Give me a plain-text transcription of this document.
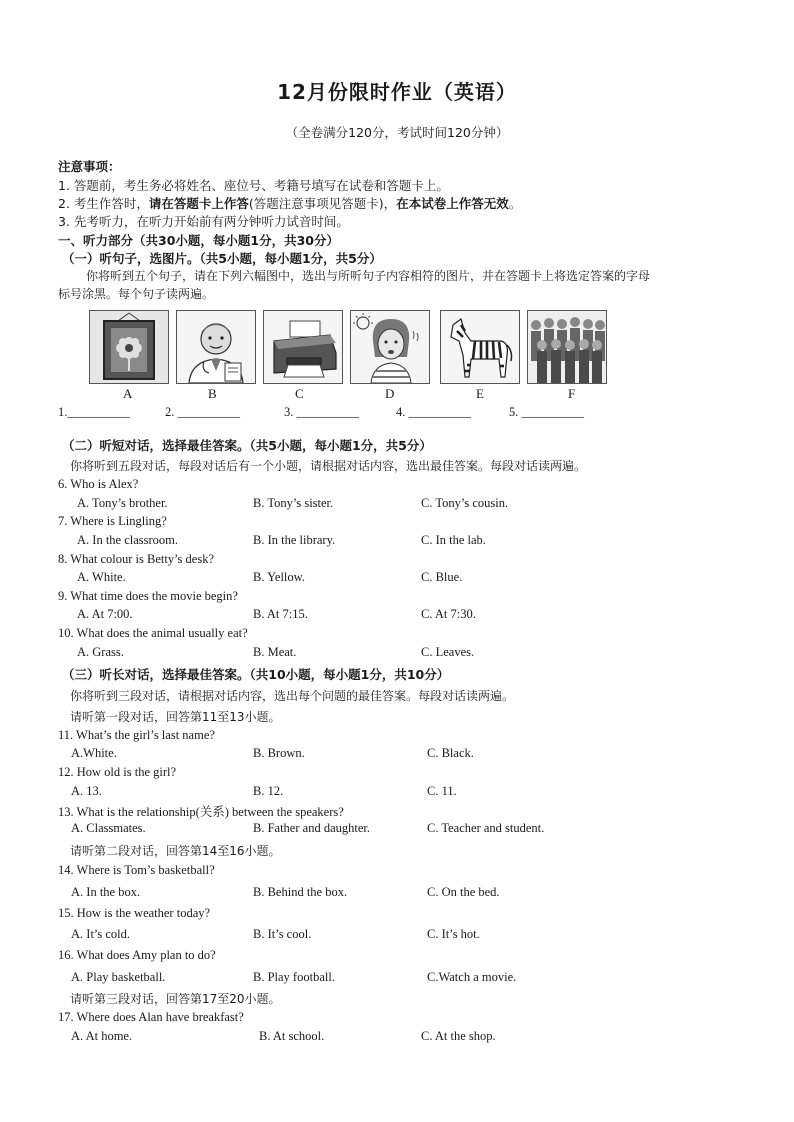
12月份限时作业（英语）
（全卷满分120分，考试时间120分钟）
注意事项：
1. 答题前，考生务必将姓名、座位号、考籍号填写在试卷和答题卡上。
2. 考生作答时，请在答题卡上作答(答题注意事项见答题卡)，在本试卷上作答无效。
3. 先考听力，在听力开始前有两分钟听力试音时间。
一、听力部分（共30小题，每小题1分，共30分）
（一）听句子，选图片。（共5小题，每小题1分，共5分）
你将听到五个句子，请在下列六幅图中，选出与所听句子内容相符的图片，并在答题卡上将选定答案的字母
标号涂黑。每个句子读两遍。
A	B	C	D	E	F
1.__________	2. __________	3. __________	4. __________	5. __________
（二）听短对话，选择最佳答案。（共5小题，每小题1分，共5分）
你将听到五段对话，每段对话后有一个小题，请根据对话内容，选出最佳答案。每段对话读两遍。
6. Who is Alex?
A. Tony’s brother.	B. Tony’s sister.	C. Tony’s cousin.
7. Where is Lingling?
A. In the classroom.	B. In the library.	C. In the lab.
8. What colour is Betty’s desk?
A. White.	B. Yellow.	C. Blue.
9. What time does the movie begin?
A. At 7:00.	B. At 7:15.	C. At 7:30.
10. What does the animal usually eat?
A. Grass.	B. Meat.	C. Leaves.
（三）听长对话，选择最佳答案。（共10小题，每小题1分，共10分）
你将听到三段对话，请根据对话内容，选出每个问题的最佳答案。每段对话读两遍。
请听第一段对话，回答第11至13小题。
11. What’s the girl’s last name?
A.White.	B. Brown.	C. Black.
12. How old is the girl?
A. 13.	B. 12.	C. 11.
13. What is the relationship(关系) between the speakers?
A. Classmates.	B. Father and daughter.	C. Teacher and student.
请听第二段对话，回答第14至16小题。
14. Where is Tom’s basketball?
A. In the box.	B. Behind the box.	C. On the bed.
15. How is the weather today?
A. It’s cold.	B. It’s cool.	C. It’s hot.
16. What does Amy plan to do?
A. Play basketball.	B. Play football.	C.Watch a movie.
请听第三段对话，回答第17至20小题。
17. Where does Alan have breakfast?
A. At home.	B. At school.	C. At the shop.
